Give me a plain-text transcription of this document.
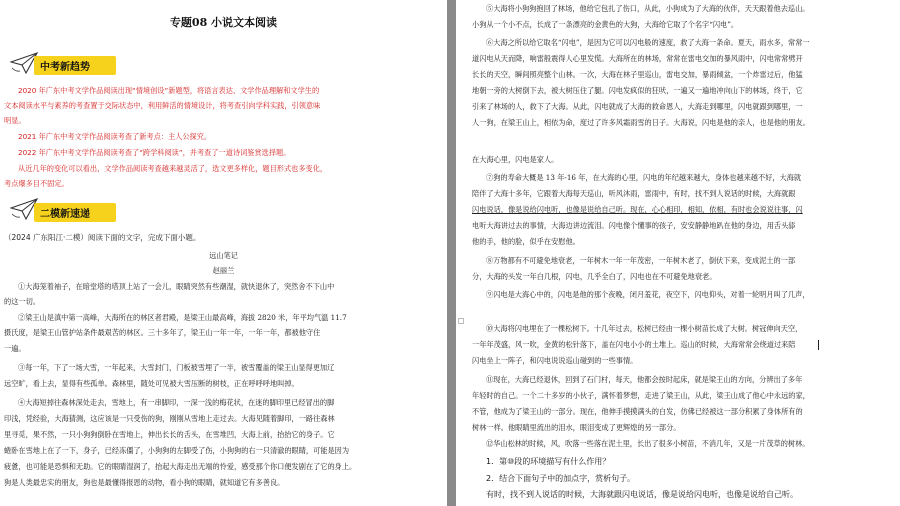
专题08 小说文本阅读
中考新趋势
2020 年广东中考文学作品阅读出现“情境创设”新题型，将语言表达、文学作品理解和文学生的
文本阅读水平与素养的考查置于交际状态中，利用鲜活的情境设计，将考查引向学科实践，引领意味
明显。
2021 年广东中考文学作品阅读考查了新考点：主人公探究。
2022 年广东中考文学作品阅读考查了“跨学科阅读”，并考查了一道诗词鉴赏选择题。
从近几年的变化可以看出，文学作品阅读考查越来越灵活了，选文更多样化，题目形式也多变化，
考点爆多目不固定。
二模新速递
（2024 广东阳江·二模）阅读下面的文字，完成下面小题。
远山笔记
赵丽兰
①大海笼着袖子，在暗堂塔的塔顶上站了一会儿，眼睛突然有些潮湿，就快退休了，突然舍不下山中
的这一切。
②梁王山是滇中第一高峰，大海所在的林区者君殿，是梁王山最高峰，海拔 2820 米，年平均气温 11.7
摄氏度，是梁王山管护站条件最艰苦的林区。三十多年了，梁王山一年一年，一年一年，都被他守住
一遍。
③每一年，下了一场大雪，一年起来，大雪封门，门板被雪埋了一半，被雪覆盖的梁王山显得更加辽
远空旷，看上去，显得有些孤单。森林里，随处可见被大雪压断的树枝，正在呼呼呼地叫掉。
④大海短掉往森林深处走去，雪地上，有一串脚印，一深一浅的梅花状，在迷的脚印里已经冒出的脚
印浅，凭经验，大海猜测，这应该是一只受伤的狗，刚刚从雪地上走过去。大海见随着脚印，一路往森林
里寻觅，果不然，一只小狗狗倒卧在雪地上，伸出长长的舌头，在雪堆凹，大海上前，抬抬它的身子。它
蜷卧在雪地上在了一下，身子，已经冻僵了，小狗狗的左脚受了伤，小狗狗的右一只清澈的眼睛，可能是因为
疲惫，也可能是恐惧和无助。它的眼睛湿润了，抬起大海走出无端的怜爱，感受那个你口便发剧在了它的身上。
狗是人类最忠实的朋友，狗也是最懂得报恩的动物，看小狗的眼睛，就知道它有多善良。
⑤大海将小狗狗抱回了林场，他给它包扎了伤口，从此，小狗成为了大海的伙伴，天天跟着他去巡山。
小狗从一个小不点，长成了一条漂亮的金黄色的大狗，大海给它取了个名字“闪电”。
⑥大海之所以给它取名“闪电”，是因为它可以闪电般的速度，救了大海一条命。夏天，雨水多，常常一
道闪电从天而降，响雷般震得人心里发慌。大海所在的林场，常常在雷电交加的暴风雨中，闪电常常劈开
长长的天空，瞬间照亮整个山林。一次，大海在林子里巡山，雷电交加，暴雨倾盆，一个炸雷过后，他猛
地朝一旁的大树倒下去，被大树压住了腿。闪电发疯似的狂吠，一遍又一遍地冲向山下的林场，终于，它
引来了林场的人，救下了大海。从此，闪电就成了大海的救命恩人，大海走到哪里，闪电就跟到哪里，一
人一狗，在梁王山上，相依为命，度过了许多风霜雨雪的日子。大海说，闪电是他的亲人，也是他的朋友。
在大海心里，闪电是家人。
⑦狗的寿命大概是 13 年-16 年，在大海的心里，闪电的年纪越来越大，身体也越来越不好，大海就
陪伴了大海十多年，它跟着大海每天巡山，听风沐雨，雷雨中，有时，找不到人说话的时候，大海就跟
闪电说话，像是说给闪电听，也像是说给自己听。现在，心心相印，相知，依相，有时也会说说往事，闪
电听大海讲过去的事情，大海边讲边流泪。闪电像个懂事的孩子，安安静静地趴在他的身边，用舌头舔
他的手，他的脸，似乎在安慰他。
⑧万物都有不可避免地衰老，一年树木一年一年茂密，一年树木老了，倒伏下来，变成泥土的一部
分，大海的头发一年白几根，闪电，几乎全白了，闪电也在不可避免地衰老。
⑨闪电是大海心中的，闪电是他的那个夜晚，闭月羞花，夜空下，闪电仰头，对着一轮明月叫了几声，
⑩大海将闪电埋在了一棵松树下。十几年过去，松树已经由一棵小树苗长成了大树。树冠伸向天空，
一年年茂盛，风一吹，金黄的松针落下，盖在闪电小小的土堆上。巡山的时候，大海常常会绕道过来陪
闪电坐上一阵子，和闪电说说巡山碰到的一些事情。
⑪现在，大海已经退休，回到了石门村，每天，他都会按时起床，就是梁王山的方向，分辨出了多年
年轻时的自己。一个二十多岁的小伙子，满怀着梦想，走进了梁王山，从此，梁王山成了他心中永远的家，
不管，他成为了梁王山的一部分。现在，他伸手摸摸满头的白发，仿佛已经被这一部分积累了身体所有的
树林一样。他眼睛里流出的泪水，眼泪变成了更辉煌的另一部分。
⑫华山松林的时候，风，吹落一些落在泥土里，长出了很多小树苗，不消几年，又是一片茂草的树林。
1．第⑩段的环境描写有什么作用？
2．结合下面句子中的加点字，赏析句子。
有时，找不到人说话的时候，大海就跟闪电说话，像是说给闪电听，也像是说给自己听。
